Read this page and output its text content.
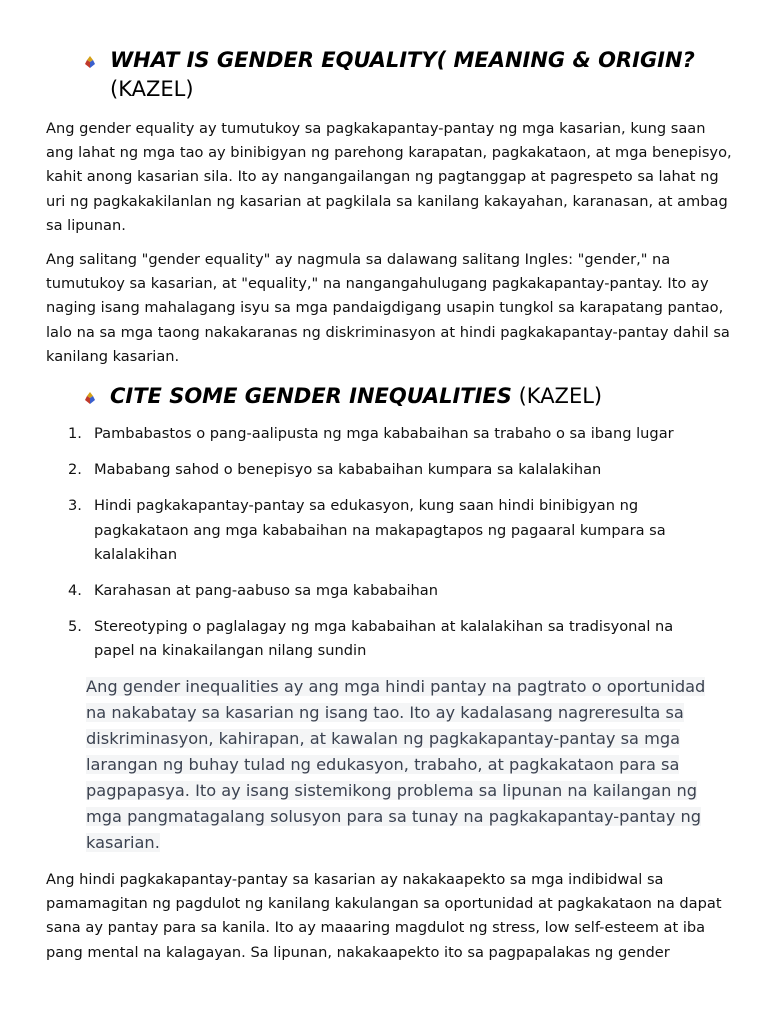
WHAT IS GENDER EQUALITY( MEANING & ORIGIN?
(KAZEL)

Ang gender equality ay tumutukoy sa pagkakapantay-pantay ng mga kasarian, kung saan ang lahat ng mga tao ay binibigyan ng parehong karapatan, pagkakataon, at mga benepisyo, kahit anong kasarian sila. Ito ay nangangailangan ng pagtanggap at pagrespeto sa lahat ng uri ng pagkakakilanlan ng kasarian at pagkilala sa kanilang kakayahan, karanasan, at ambag sa lipunan.

Ang salitang "gender equality" ay nagmula sa dalawang salitang Ingles: "gender," na tumutukoy sa kasarian, at "equality," na nangangahulugang pagkakapantay-pantay. Ito ay naging isang mahalagang isyu sa mga pandaigdigang usapin tungkol sa karapatang pantao, lalo na sa mga taong nakakaranas ng diskriminasyon at hindi pagkakapantay-pantay dahil sa kanilang kasarian.

CITE SOME GENDER INEQUALITIES (KAZEL)
1. Pambabastos o pang-aalipusta ng mga kababaihan sa trabaho o sa ibang lugar
2. Mababang sahod o benepisyo sa kababaihan kumpara sa kalalakihan
3. Hindi pagkakapantay-pantay sa edukasyon, kung saan hindi binibigyan ng pagkakataon ang mga kababaihan na makapagtapos ng pagaaral kumpara sa kalalakihan
4. Karahasan at pang-aabuso sa mga kababaihan
5. Stereotyping o paglalagay ng mga kababaihan at kalalakihan sa tradisyonal na papel na kinakailangan nilang sundin
Ang gender inequalities ay ang mga hindi pantay na pagtrato o oportunidad na nakabatay sa kasarian ng isang tao. Ito ay kadalasang nagreresulta sa diskriminasyon, kahirapan, at kawalan ng pagkakapantay-pantay sa mga larangan ng buhay tulad ng edukasyon, trabaho, at pagkakataon para sa pagpapasya. Ito ay isang sistemikong problema sa lipunan na kailangan ng mga pangmatagalang solusyon para sa tunay na pagkakapantay-pantay ng kasarian.

Ang hindi pagkakapantay-pantay sa kasarian ay nakakaapekto sa mga indibidwal sa pamamagitan ng pagdulot ng kanilang kakulangan sa oportunidad at pagkakataon na dapat sana ay pantay para sa kanila. Ito ay maaaring magdulot ng stress, low self-esteem at iba pang mental na kalagayan. Sa lipunan, nakakaapekto ito sa pagpapalakas ng gender
